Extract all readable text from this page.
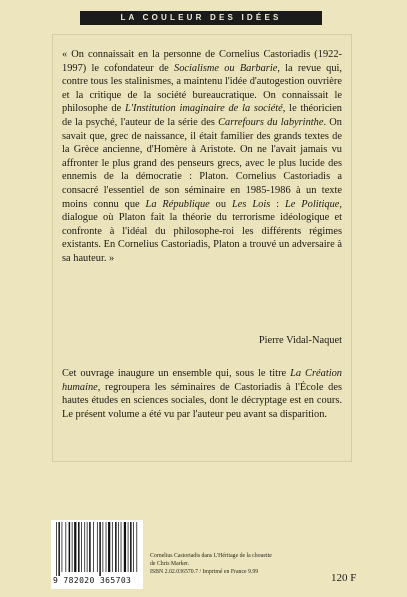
LA COULEUR DES IDÉES

« On connaissait en la personne de Cornelius Castoriadis (1922-1997) le cofondateur de Socialisme ou Barbarie, la revue qui, contre tous les stalinismes, a maintenu l'idée d'autogestion ouvrière et la critique de la société bureaucratique. On connaissait le philosophe de L'Institution imaginaire de la société, le théoricien de la psyché, l'auteur de la série des Carrefours du labyrinthe. On savait que, grec de naissance, il était familier des grands textes de la Grèce ancienne, d'Homère à Aristote. On ne l'avait jamais vu affronter le plus grand des penseurs grecs, avec le plus lucide des ennemis de la démocratie : Platon. Cornelius Castoriadis a consacré l'essentiel de son séminaire en 1985-1986 à un texte moins connu que La République ou Les Lois : Le Politique, dialogue où Platon fait la théorie du terrorisme idéologique et confronte à l'idéal du philosophe-roi les différents régimes existants. En Cornelius Castoriadis, Platon a trouvé un adversaire à sa hauteur. »

Pierre Vidal-Naquet

Cet ouvrage inaugure un ensemble qui, sous le titre La Création humaine, regroupera les séminaires de Castoriadis à l'École des hautes études en sciences sociales, dont le décryptage est en cours. Le présent volume a été vu par l'auteur peu avant sa disparition.

9 782020 365703
Cornelius Castoriadis dans L'Héritage de la chouette
de Chris Marker.
ISBN 2.02.036570.7 / Imprimé en France 9.99	120 F
